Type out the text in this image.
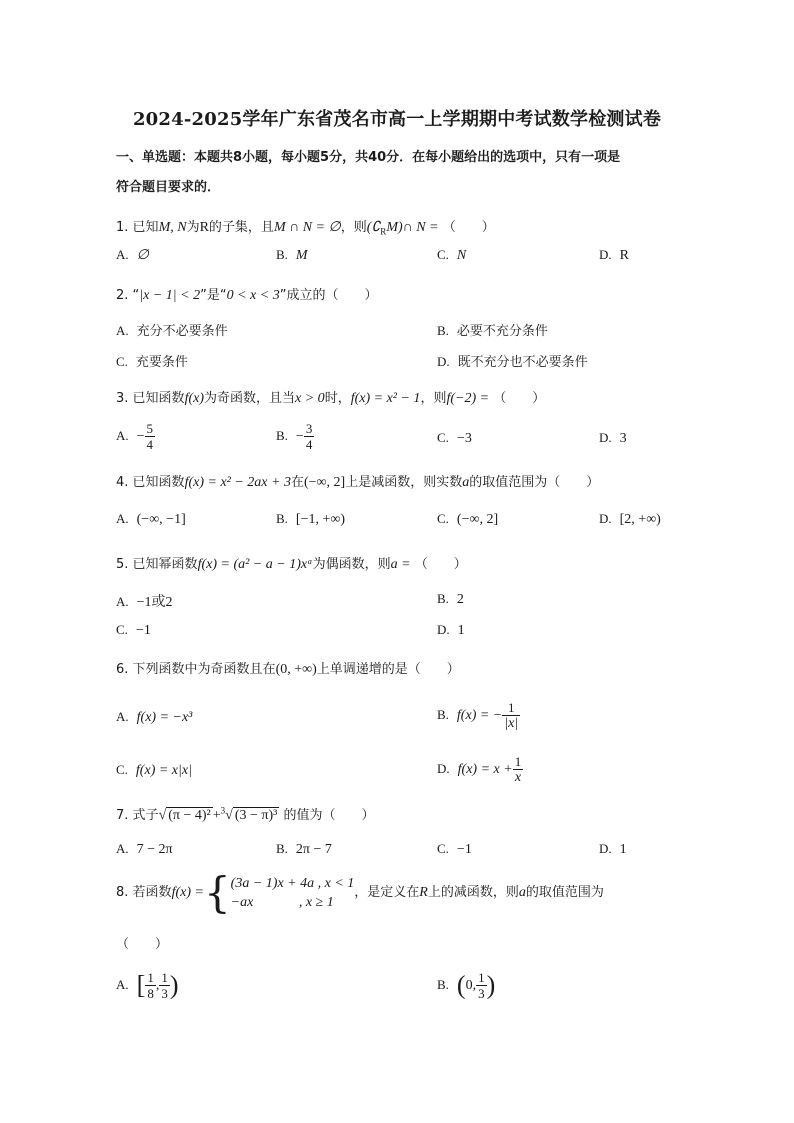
2024-2025学年广东省茂名市高一上学期期中考试数学检测试卷
一、单选题：本题共8小题，每小题5分，共40分．在每小题给出的选项中，只有一项是
符合题目要求的．
1. 已知M, N为R的子集，且M ∩ N = ∅，则$(∁_RM)\cap$ N = （　　）
A. ∅	B. M	C. N	D. R
2. “|x − 1| < 2”是“0 < x < 3”成立的（　　）
A. 充分不必要条件	B. 必要不充分条件
C. 充要条件	D. 既不充分也不必要条件
3. 已知函数f(x)为奇函数，且当x > 0时，f(x) = x² − 1，则f(−2) = （　　）
A. − $\frac{5}{4}$	B. − $\frac{3}{4}$	C. −3	D. 3
4. 已知函数f(x) = x² − 2ax + 3在(−∞, 2]上是减函数，则实数a的取值范围为（　　）
A. (−∞, −1]	B. [−1, +∞)	C. (−∞, 2]	D. [2, +∞)
5. 已知幂函数f(x) = (a² − a − 1)xᵃ为偶函数，则a = （　　）
A. −1或2	B. 2
C. −1	D. 1
6. 下列函数中为奇函数且在(0, +∞)上单调递增的是（　　）
A. f(x) = −x³	B. f(x) = − $\frac{1}{|x|}$
C. f(x) = x|x|	D. $f(x) = x + \frac{1}{x}$
7. 式子√ (π − 4)² +$^3$√ (3 − π)³ 的值为（　　）
A. 7 − 2π	B. 2π − 7	C. −1	D. 1
8. 若函数f(x) ={ (3a − 1)x + 4a , x < 1
−ax　　　 , x ≥ 1
，是定义在R上的减函数，则a的取值范围为
（　　）
A. [ $\frac{1}{8}$ , $\frac{1}{3}$ )	B. (0, $\frac{1}{3}$ )
